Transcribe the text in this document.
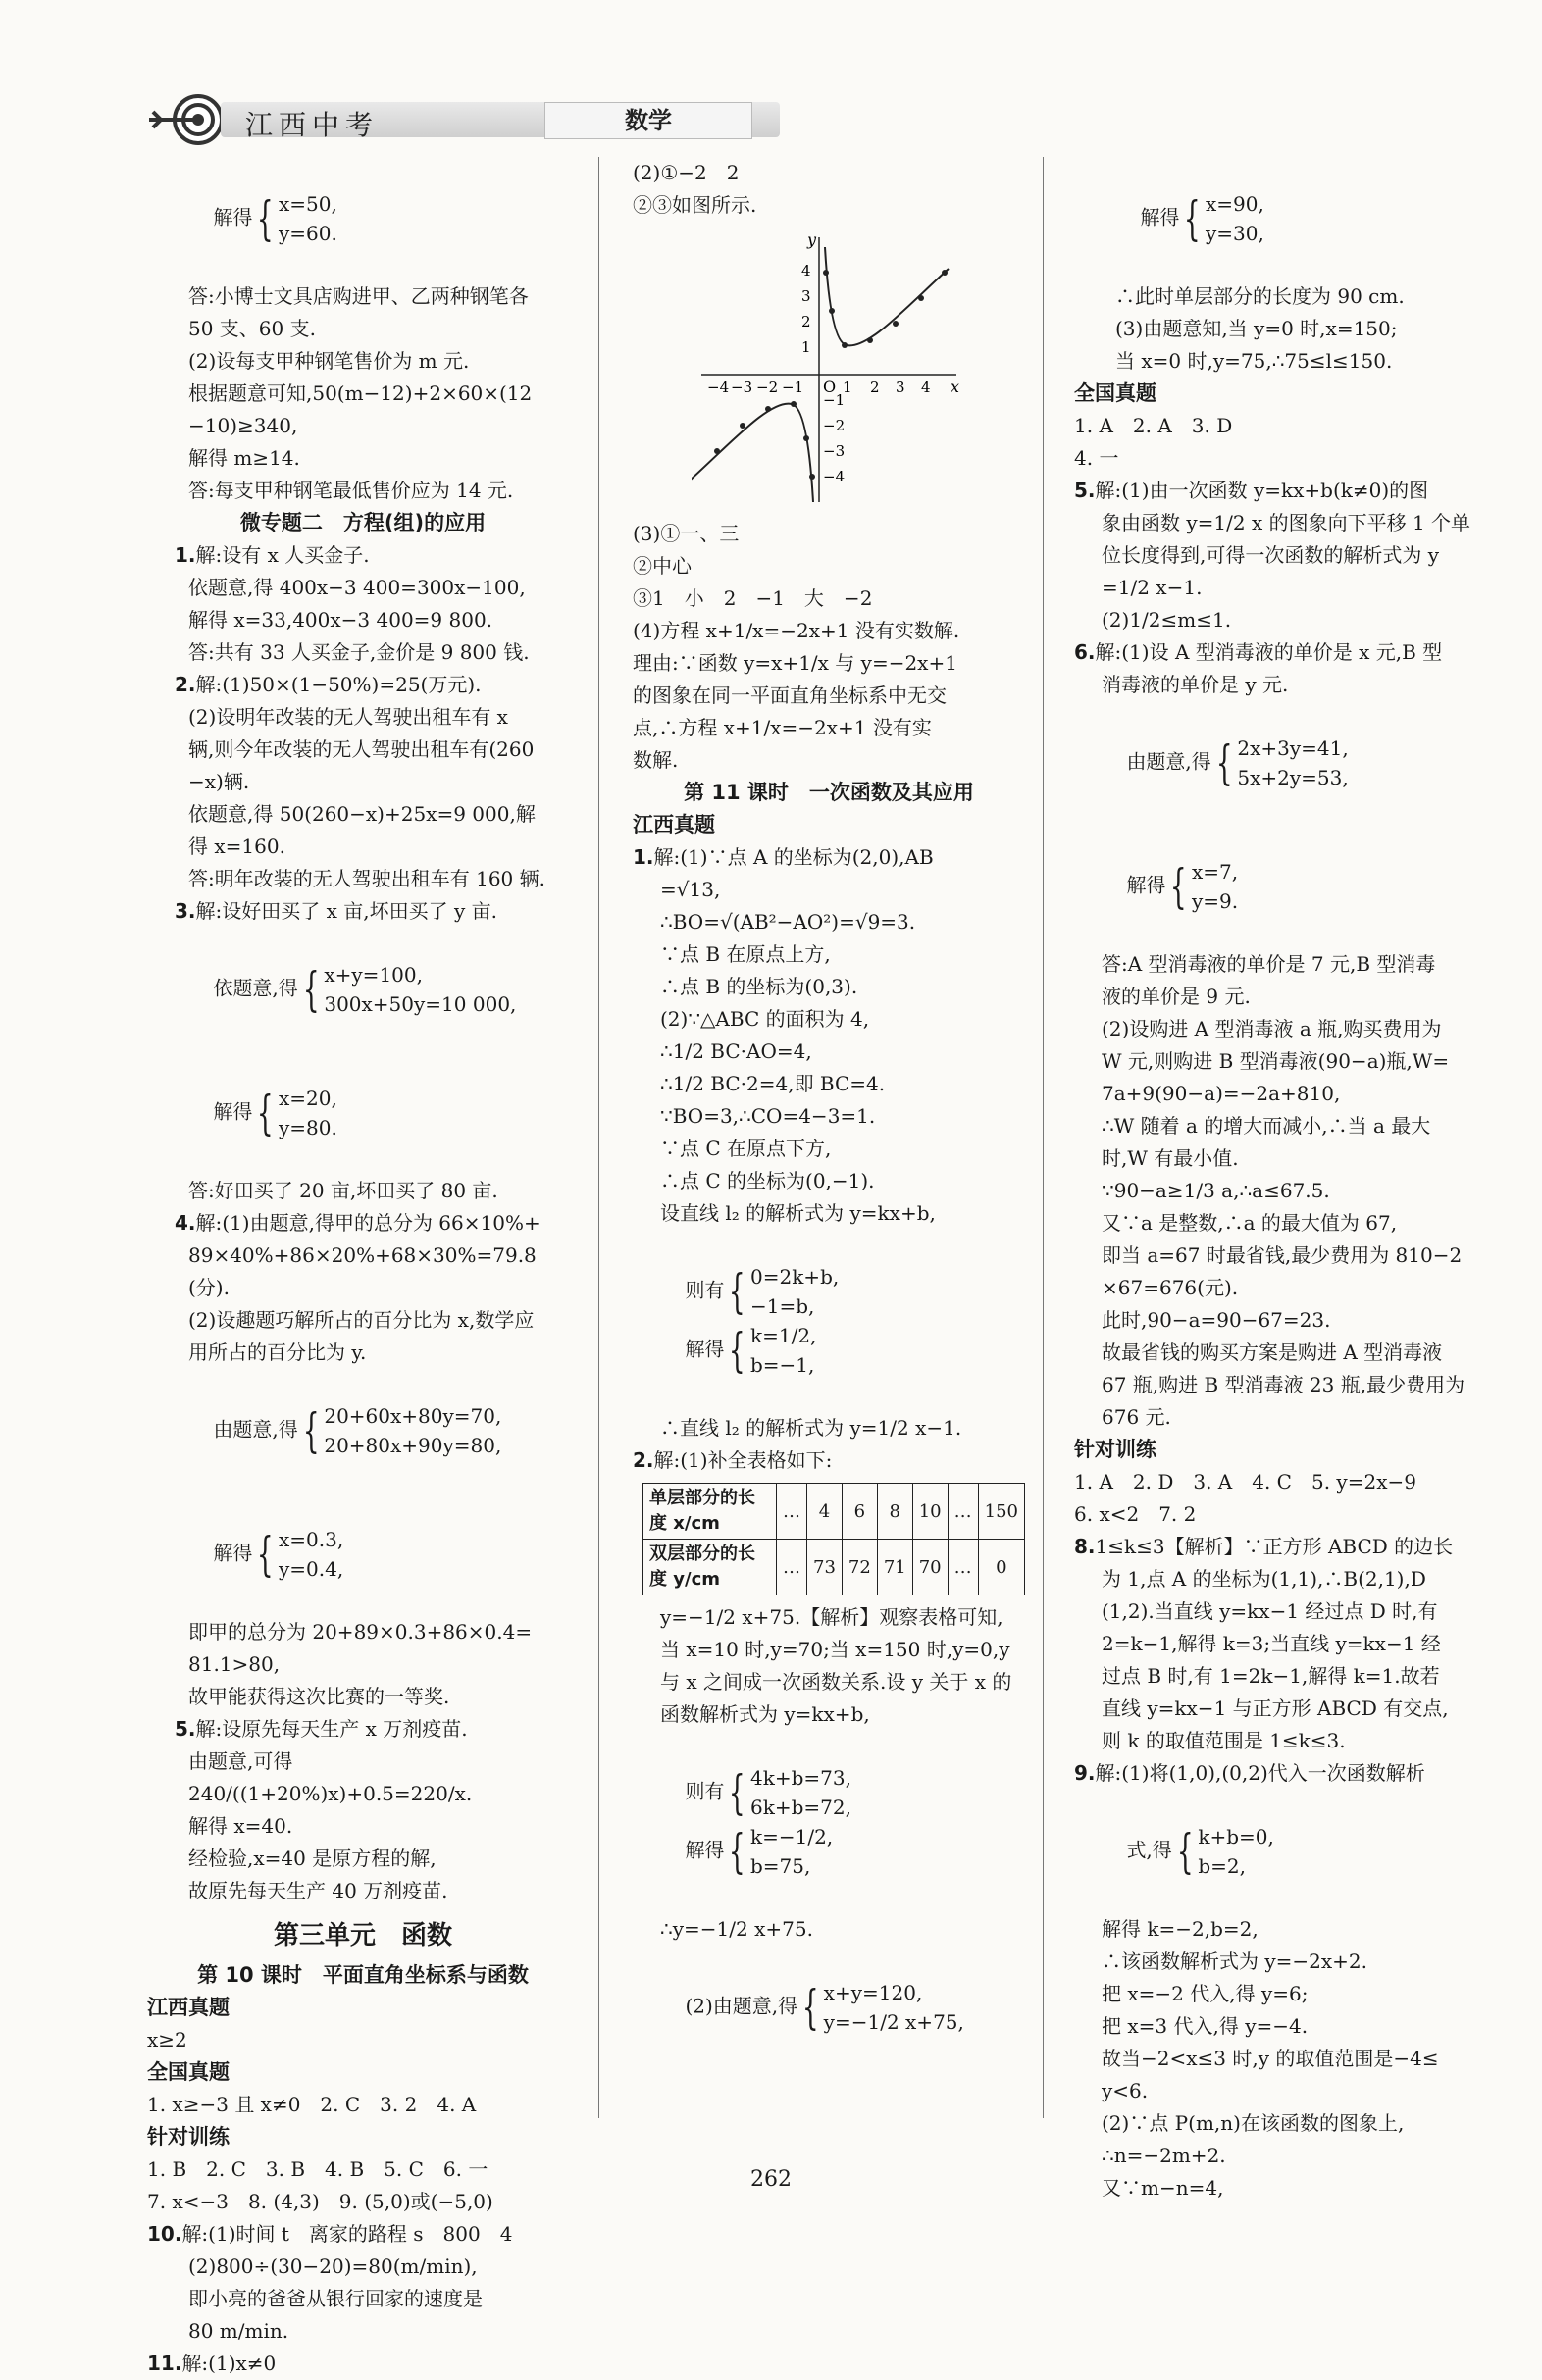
江西中考	数学

解得 { x=50,
y=60.

答:小博士文具店购进甲、乙两种钢笔各
50 支、60 支.
(2)设每支甲种钢笔售价为 m 元.
根据题意可知,50(m−12)+2×60×(12
−10)≥340,
解得 m≥14.
答:每支甲种钢笔最低售价应为 14 元.
微专题二　方程(组)的应用
1.解:设有 x 人买金子.
依题意,得 400x−3 400=300x−100,
解得 x=33,400x−3 400=9 800.
答:共有 33 人买金子,金价是 9 800 钱.
2.解:(1)50×(1−50%)=25(万元).
(2)设明年改装的无人驾驶出租车有 x
辆,则今年改装的无人驾驶出租车有(260
−x)辆.
依题意,得 50(260−x)+25x=9 000,解
得 x=160.
答:明年改装的无人驾驶出租车有 160 辆.
3.解:设好田买了 x 亩,坏田买了 y 亩.

依题意,得 { x+y=100,
300x+50y=10 000,

解得 { x=20,
y=80.

答:好田买了 20 亩,坏田买了 80 亩.
4.解:(1)由题意,得甲的总分为 66×10%+
89×40%+86×20%+68×30%=79.8
(分).
(2)设趣题巧解所占的百分比为 x,数学应
用所占的百分比为 y.

由题意,得 { 20+60x+80y=70,
20+80x+90y=80,

解得 { x=0.3,
y=0.4,

即甲的总分为 20+89×0.3+86×0.4=
81.1>80,
故甲能获得这次比赛的一等奖.
5.解:设原先每天生产 x 万剂疫苗.
由题意,可得 240/((1+20%)x)+0.5=220/x.
解得 x=40.
经检验,x=40 是原方程的解,
故原先每天生产 40 万剂疫苗.
第三单元　函数
第 10 课时　平面直角坐标系与函数
江西真题
x≥2
全国真题
1. x≥−3 且 x≠0　2. C　3. 2　4. A
针对训练
1. B　2. C　3. B　4. B　5. C　6. 一
7. x<−3　8. (4,3)　9. (5,0)或(−5,0)
10.解:(1)时间 t　离家的路程 s　800　4
(2)800÷(30−20)=80(m/min),
即小亮的爸爸从银行回家的速度是
80 m/min.
11.解:(1)x≠0
(2)①−2　2
②③如图所示.
x
y
O
−4 −3 −2 −1	1 2 3 4
4
3
2
1
−1
−2
−3
−4
(3)①一、三
②中心
③1　小　2　−1　大　−2
(4)方程 x+1/x=−2x+1 没有实数解.
理由:∵函数 y=x+1/x 与 y=−2x+1
的图象在同一平面直角坐标系中无交
点,∴方程 x+1/x=−2x+1 没有实
数解.
第 11 课时　一次函数及其应用
江西真题
1.解:(1)∵点 A 的坐标为(2,0),AB
=√13,
∴BO=√(AB²−AO²)=√9=3.
∵点 B 在原点上方,
∴点 B 的坐标为(0,3).
(2)∵△ABC 的面积为 4,
∴1/2 BC·AO=4,
∴1/2 BC·2=4,即 BC=4.
∵BO=3,∴CO=4−3=1.
∵点 C 在原点下方,
∴点 C 的坐标为(0,−1).
设直线 l₂ 的解析式为 y=kx+b,

则有 { 0=2k+b,
−1=b,

解得 { k=1/2,
b=−1,

∴直线 l₂ 的解析式为 y=1/2 x−1.
2.解:(1)补全表格如下:
单层部分的长度 x/cm	…	4	6	8	10	…	150
双层部分的长度 y/cm	…	73	72	71	70	…	0
y=−1/2 x+75.【解析】观察表格可知,
当 x=10 时,y=70;当 x=150 时,y=0,y
与 x 之间成一次函数关系.设 y 关于 x 的
函数解析式为 y=kx+b,

则有 { 4k+b=73,
6k+b=72,

解得 { k=−1/2,
b=75,

∴y=−1/2 x+75.

(2)由题意,得 { x+y=120,
y=−1/2 x+75,

解得 { x=90,
y=30,

∴此时单层部分的长度为 90 cm.
(3)由题意知,当 y=0 时,x=150;
当 x=0 时,y=75,∴75≤l≤150.
全国真题
1. A　2. A　3. D
4. 一
5.解:(1)由一次函数 y=kx+b(k≠0)的图
象由函数 y=1/2 x 的图象向下平移 1 个单
位长度得到,可得一次函数的解析式为 y
=1/2 x−1.
(2)1/2≤m≤1.
6.解:(1)设 A 型消毒液的单价是 x 元,B 型
消毒液的单价是 y 元.

由题意,得 { 2x+3y=41,
5x+2y=53,

解得 { x=7,
y=9.

答:A 型消毒液的单价是 7 元,B 型消毒
液的单价是 9 元.
(2)设购进 A 型消毒液 a 瓶,购买费用为
W 元,则购进 B 型消毒液(90−a)瓶,W=
7a+9(90−a)=−2a+810,
∴W 随着 a 的增大而减小,∴当 a 最大
时,W 有最小值.
∵90−a≥1/3 a,∴a≤67.5.
又∵a 是整数,∴a 的最大值为 67,
即当 a=67 时最省钱,最少费用为 810−2
×67=676(元).
此时,90−a=90−67=23.
故最省钱的购买方案是购进 A 型消毒液
67 瓶,购进 B 型消毒液 23 瓶,最少费用为
676 元.
针对训练
1. A　2. D　3. A　4. C　5. y=2x−9
6. x<2　7. 2
8.1≤k≤3【解析】∵正方形 ABCD 的边长
为 1,点 A 的坐标为(1,1),∴B(2,1),D
(1,2).当直线 y=kx−1 经过点 D 时,有
2=k−1,解得 k=3;当直线 y=kx−1 经
过点 B 时,有 1=2k−1,解得 k=1.故若
直线 y=kx−1 与正方形 ABCD 有交点,
则 k 的取值范围是 1≤k≤3.
9.解:(1)将(1,0),(0,2)代入一次函数解析

式,得 { k+b=0,
b=2,

解得 k=−2,b=2,
∴该函数解析式为 y=−2x+2.
把 x=−2 代入,得 y=6;
把 x=3 代入,得 y=−4.
故当−2<x≤3 时,y 的取值范围是−4≤
y<6.
(2)∵点 P(m,n)在该函数的图象上,
∴n=−2m+2.
又∵m−n=4,
262
